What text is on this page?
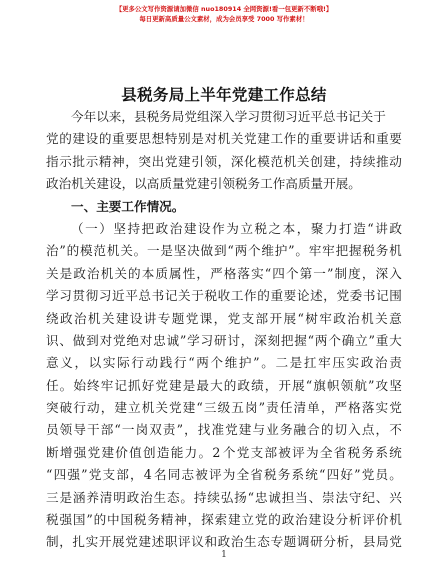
【更多公文写作资源请加微信 nuo180914 全网资源!看一包更新不断哦!】
每日更新高质量公文素材，成为会员享受 7000 写作素材！
县税务局上半年党建工作总结
今年以来，县税务局党组深入学习贯彻习近平总书记关于
党 的 建 设 的 重 要 思 想 特 别 是 对 机 关 党 建 工 作 的 重 要 讲 话 和 重 要
指 示 批 示 精 神 ， 突 出 党 建 引 领 ， 深 化 模 范 机 关 创 建 ， 持 续 推 动
政治机关建设，以高质量党建引领税务工作高质量开展。
一、主要工作情况。
（ 一 ） 坚 持 把 政 治 建 设 作 为 立 税 之 本 ， 聚 力 打 造 “ 讲 政
治 ” 的 模 范 机 关 。 一 是 坚 决 做 到 “ 两 个 维 护 ” 。 牢 牢 把 握 税 务 机
关 是 政 治 机 关 的 本 质 属 性 ， 严 格 落 实 “ 四 个 第 一 ” 制 度 ， 深 入
学 习 贯 彻 习 近 平 总 书 记 关 于 税 收 工 作 的 重 要 论 述 ， 党 委 书 记 围
绕 政 治 机 关 建 设 讲 专 题 党 课 ， 党 支 部 开 展 “ 树 牢 政 治 机 关 意
识 、 做 到 对 党 绝 对 忠 诚 ” 学 习 研 讨 ， 深 刻 把 握 “ 两 个 确 立 ” 重 大
意 义 ， 以 实 际 行 动 践 行 “ 两 个 维 护 ” 。 二 是 扛 牢 压 实 政 治 责
任 。 始 终 牢 记 抓 好 党 建 是 最 大 的 政 绩 ， 开 展 “ 旗 帜 领 航 ” 攻 坚
突 破 行 动 ， 建 立 机 关 党 建 “ 三 级 五 岗 ” 责 任 清 单 ， 严 格 落 实 党
员 领 导 干 部 “ 一 岗 双 责 ” ， 找 准 党 建 与 业 务 融 合 的 切 入 点 ， 不
断 增 强 党 建 价 值 创 造 能 力 。 2 个 党 支 部 被 评 为 全 省 税 务 系 统
“ 四 强 ” 党 支 部 ， 4 名 同 志 被 评 为 全 省 税 务 系 统 “ 四 好 ” 党 员 。
三 是 涵 养 清 明 政 治 生 态 。 持 续 弘 扬 “ 忠 诚 担 当 、 崇 法 守 纪 、 兴
税 强 国 ” 的 中 国 税 务 精 神 ， 探 索 建 立 党 的 政 治 建 设 分 析 评 价 机
制 ， 扎 实 开 展 党 建 述 职 评 议 和 政 治 生 态 专 题 调 研 分 析 ， 县 局 党
1
